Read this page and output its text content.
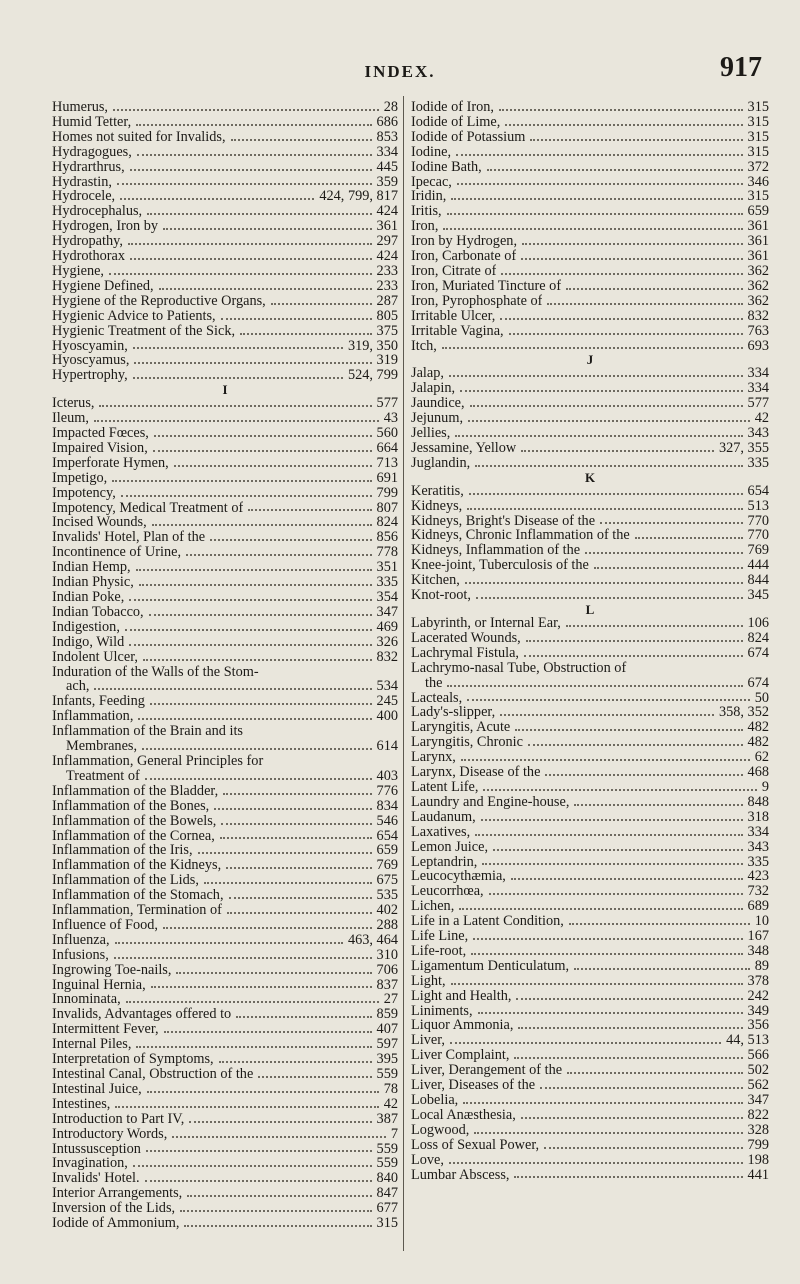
INDEX.	917
Humerus,	28
Humid Tetter,	686
Homes not suited for Invalids,	853
Hydragogues,	334
Hydrarthrus,	445
Hydrastin,	359
Hydrocele,	424, 799, 817
Hydrocephalus,	424
Hydrogen, Iron by	361
Hydropathy,	297
Hydrothorax	424
Hygiene,	233
Hygiene Defined,	233
Hygiene of the Reproductive Organs,	287
Hygienic Advice to Patients,	805
Hygienic Treatment of the Sick,	375
Hyoscyamin,	319, 350
Hyoscyamus,	319
Hypertrophy,	524, 799
I
Icterus,	577
Ileum,	43
Impacted Fœces,	560
Impaired Vision,	664
Imperforate Hymen,	713
Impetigo,	691
Impotency,	799
Impotency, Medical Treatment of	807
Incised Wounds,	824
Invalids' Hotel, Plan of the	856
Incontinence of Urine,	778
Indian Hemp,	351
Indian Physic,	335
Indian Poke,	354
Indian Tobacco,	347
Indigestion,	469
Indigo, Wild	326
Indolent Ulcer,	832
Induration of the Walls of the Stom-
ach,	534
Infants, Feeding	245
Inflammation,	400
Inflammation of the Brain and its
Membranes,	614
Inflammation, General Principles for
Treatment of	403
Inflammation of the Bladder,	776
Inflammation of the Bones,	834
Inflammation of the Bowels,	546
Inflammation of the Cornea,	654
Inflammation of the Iris,	659
Inflammation of the Kidneys,	769
Inflammation of the Lids,	675
Inflammation of the Stomach,	535
Inflammation, Termination of	402
Influence of Food,	288
Influenza,	463, 464
Infusions,	310
Ingrowing Toe-nails,	706
Inguinal Hernia,	837
Innominata,	27
Invalids, Advantages offered to	859
Intermittent Fever,	407
Internal Piles,	597
Interpretation of Symptoms,	395
Intestinal Canal, Obstruction of the	559
Intestinal Juice,	78
Intestines,	42
Introduction to Part IV,	387
Introductory Words,	7
Intussusception	559
Invagination,	559
Invalids' Hotel.	840
Interior Arrangements,	847
Inversion of the Lids,	677
Iodide of Ammonium,	315
Iodide of Iron,	315
Iodide of Lime,	315
Iodide of Potassium	315
Iodine,	315
Iodine Bath,	372
Ipecac,	346
Iridin,	315
Iritis,	659
Iron,	361
Iron by Hydrogen,	361
Iron, Carbonate of	361
Iron, Citrate of	362
Iron, Muriated Tincture of	362
Iron, Pyrophosphate of	362
Irritable Ulcer,	832
Irritable Vagina,	763
Itch,	693
J
Jalap,	334
Jalapin,	334
Jaundice,	577
Jejunum,	42
Jellies,	343
Jessamine, Yellow	327, 355
Juglandin,	335
K
Keratitis,	654
Kidneys,	513
Kidneys, Bright's Disease of the	770
Kidneys, Chronic Inflammation of the	770
Kidneys, Inflammation of the	769
Knee-joint, Tuberculosis of the	444
Kitchen,	844
Knot-root,	345
L
Labyrinth, or Internal Ear,	106
Lacerated Wounds,	824
Lachrymal Fistula,	674
Lachrymo-nasal Tube, Obstruction of
the	674
Lacteals,	50
Lady's-slipper,	358, 352
Laryngitis, Acute	482
Laryngitis, Chronic	482
Larynx,	62
Larynx, Disease of the	468
Latent Life,	9
Laundry and Engine-house,	848
Laudanum,	318
Laxatives,	334
Lemon Juice,	343
Leptandrin,	335
Leucocythæmia,	423
Leucorrhœa,	732
Lichen,	689
Life in a Latent Condition,	10
Life Line,	167
Life-root,	348
Ligamentum Denticulatum,	89
Light,	378
Light and Health,	242
Liniments,	349
Liquor Ammonia,	356
Liver,	44, 513
Liver Complaint,	566
Liver, Derangement of the	502
Liver, Diseases of the	562
Lobelia,	347
Local Anæsthesia,	822
Logwood,	328
Loss of Sexual Power,	799
Love,	198
Lumbar Abscess,	441
